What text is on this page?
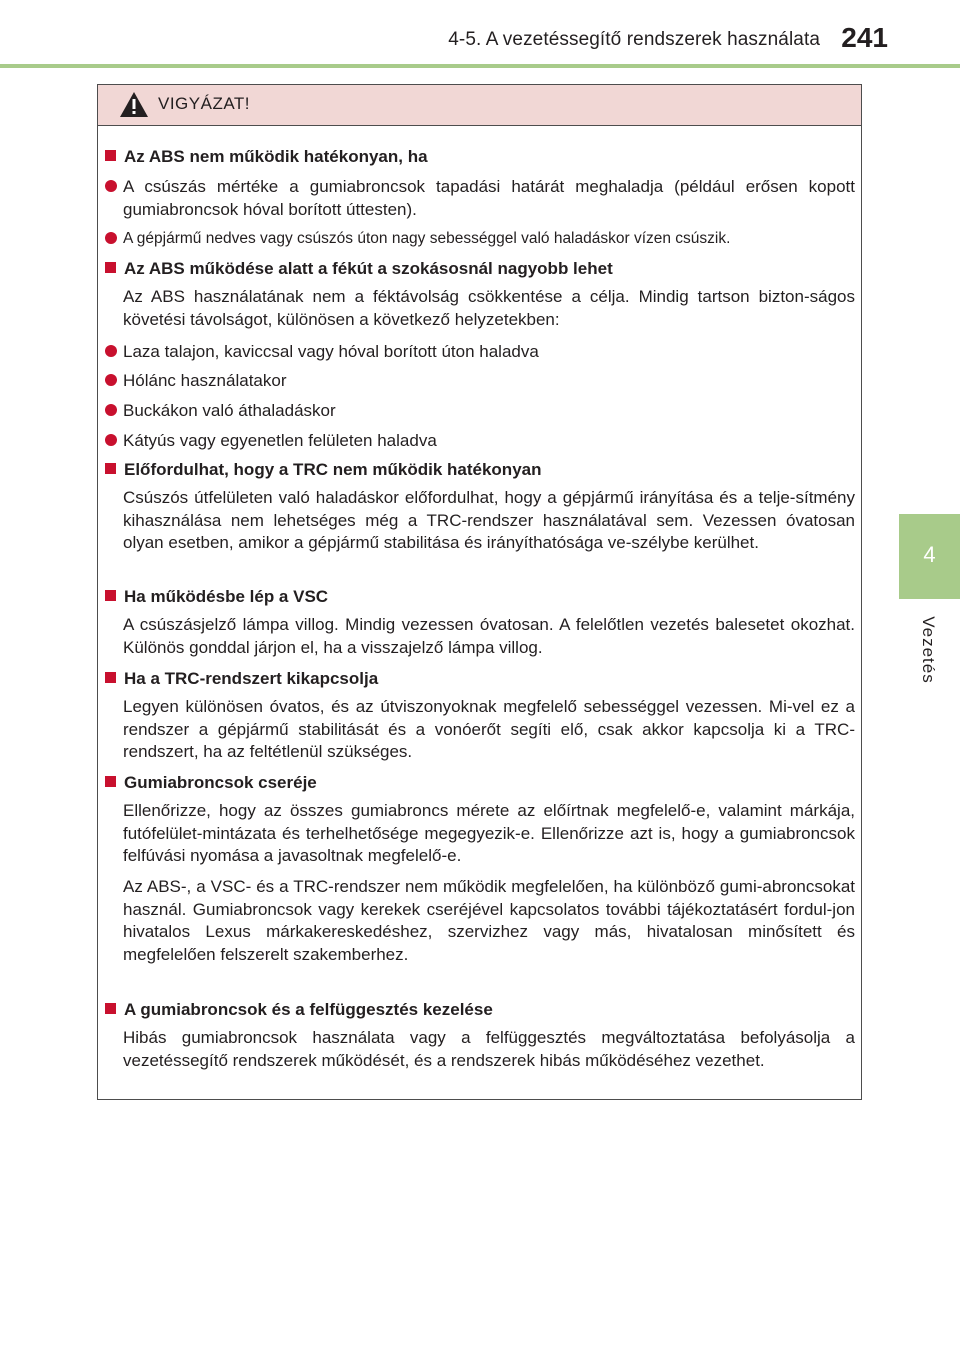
4-5. A vezetéssegítő rendszerek használata 241
4
Vezetés
VIGYÁZAT!
Az ABS nem működik hatékonyan, ha
A csúszás mértéke a gumiabroncsok tapadási határát meghaladja (például erősen kopott gumiabroncsok hóval borított úttesten).
A gépjármű nedves vagy csúszós úton nagy sebességgel való haladáskor vízen csúszik.
Az ABS működése alatt a fékút a szokásosnál nagyobb lehet
Az ABS használatának nem a féktávolság csökkentése a célja. Mindig tartson bizton-ságos követési távolságot, különösen a következő helyzetekben:
Laza talajon, kaviccsal vagy hóval borított úton haladva
Hólánc használatakor
Buckákon való áthaladáskor
Kátyús vagy egyenetlen felületen haladva
Előfordulhat, hogy a TRC nem működik hatékonyan
Csúszós útfelületen való haladáskor előfordulhat, hogy a gépjármű irányítása és a telje-sítmény kihasználása nem lehetséges még a TRC-rendszer használatával sem. Vezessen óvatosan olyan esetben, amikor a gépjármű stabilitása és irányíthatósága ve-szélybe kerülhet.
Ha működésbe lép a VSC
A csúszásjelző lámpa villog. Mindig vezessen óvatosan. A felelőtlen vezetés balesetet okozhat. Különös gonddal járjon el, ha a visszajelző lámpa villog.
Ha a TRC-rendszert kikapcsolja
Legyen különösen óvatos, és az útviszonyoknak megfelelő sebességgel vezessen. Mi-vel ez a rendszer a gépjármű stabilitását és a vonóerőt segíti elő, csak akkor kapcsolja ki a TRC-rendszert, ha az feltétlenül szükséges.
Gumiabroncsok cseréje
Ellenőrizze, hogy az összes gumiabroncs mérete az előírtnak megfelelő-e, valamint márkája, futófelület-mintázata és terhelhetősége megegyezik-e. Ellenőrizze azt is, hogy a gumiabroncsok felfúvási nyomása a javasoltnak megfelelő-e.
Az ABS-, a VSC- és a TRC-rendszer nem működik megfelelően, ha különböző gumi-abroncsokat használ. Gumiabroncsok vagy kerekek cseréjével kapcsolatos további tájékoztatásért fordul-jon hivatalos Lexus márkakereskedéshez, szervizhez vagy más, hivatalosan minősített és megfelelően felszerelt szakemberhez.
A gumiabroncsok és a felfüggesztés kezelése
Hibás gumiabroncsok használata vagy a felfüggesztés megváltoztatása befolyásolja a vezetéssegítő rendszerek működését, és a rendszerek hibás működéséhez vezethet.
